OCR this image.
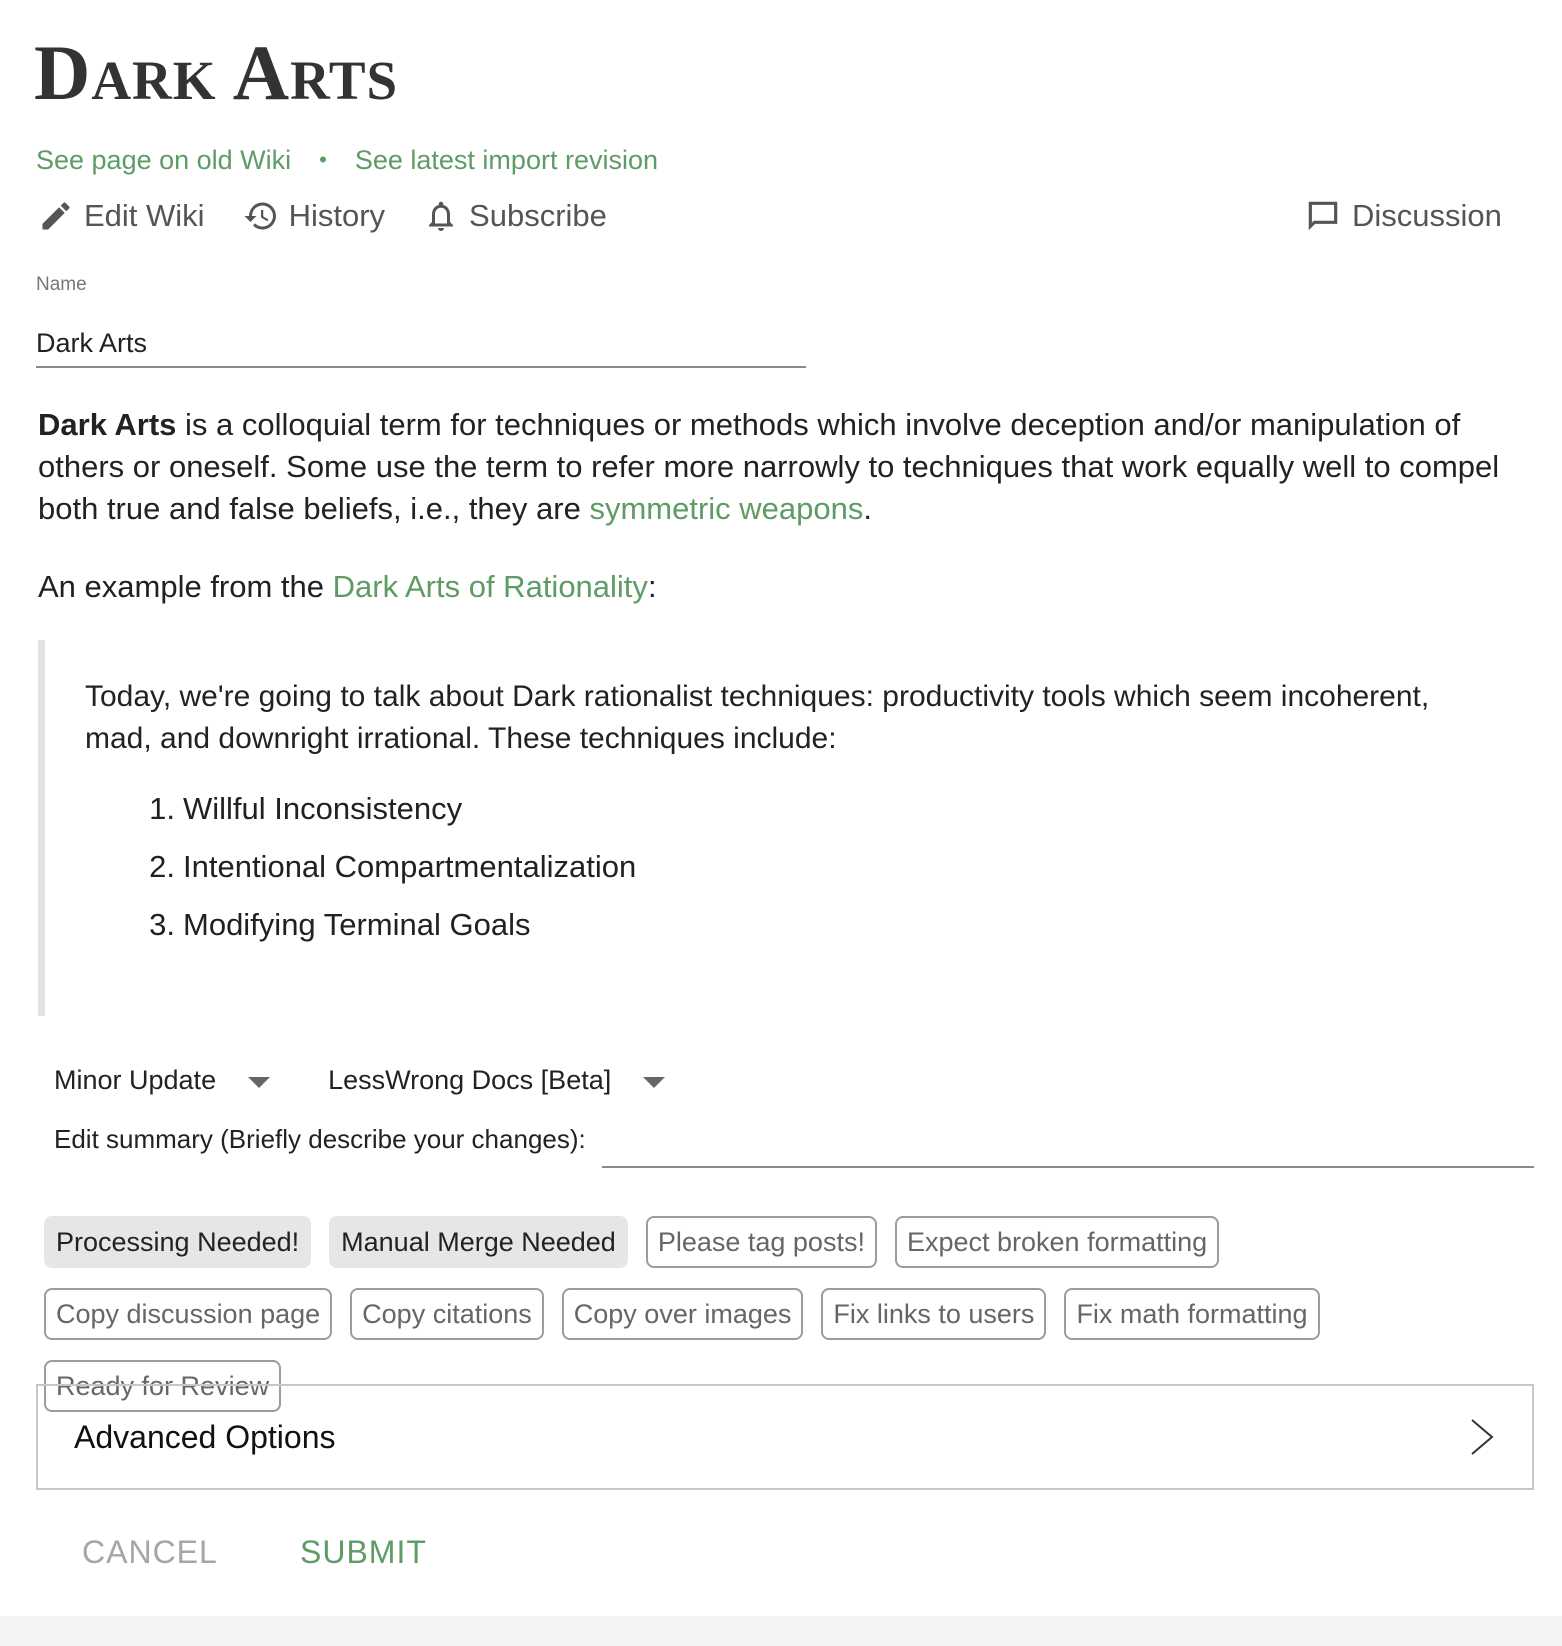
Dark Arts
See page on old Wiki • See latest import revision
Edit Wiki	History	Subscribe	Discussion
Name
Dark Arts

Dark Arts is a colloquial term for techniques or methods which involve deception and/or manipulation of others or oneself. Some use the term to refer more narrowly to techniques that work equally well to compel both true and false beliefs, i.e., they are symmetric weapons.

An example from the Dark Arts of Rationality:

Today, we're going to talk about Dark rationalist techniques: productivity tools which seem incoherent, mad, and downright irrational. These techniques include:

1. Willful Inconsistency
2. Intentional Compartmentalization
3. Modifying Terminal Goals
Minor Update	LessWrong Docs [Beta]
Edit summary (Briefly describe your changes):
Processing Needed!	Manual Merge Needed	Please tag posts!	Expect broken formatting
Copy discussion page	Copy citations	Copy over images	Fix links to users	Fix math formatting
Ready for Review
Advanced Options
CANCEL	SUBMIT
